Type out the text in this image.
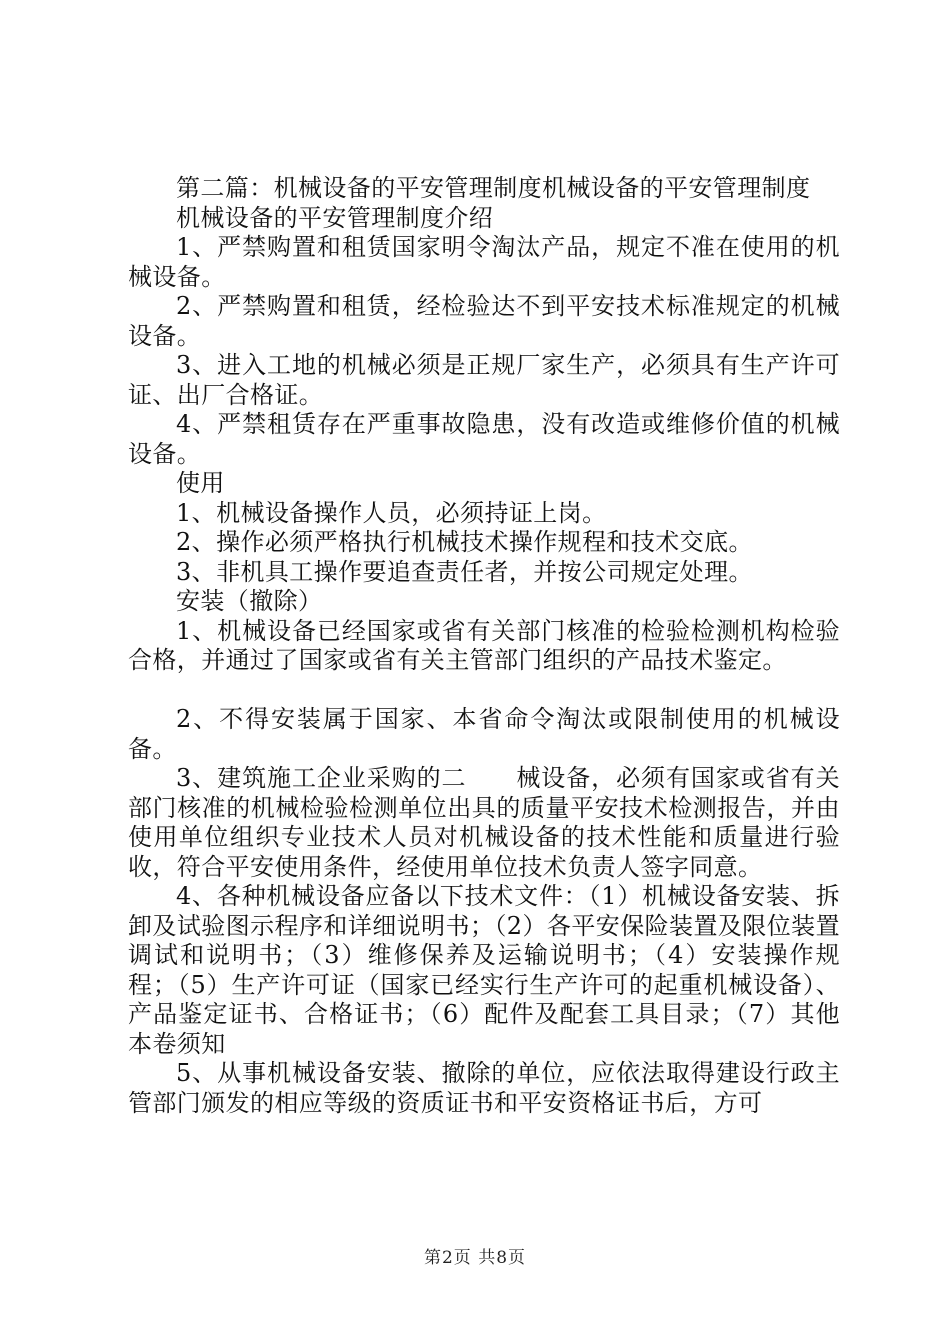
第二篇：机械设备的平安管理制度机械设备的平安管理制度

机械设备的平安管理制度介绍

1、严禁购置和租赁国家明令淘汰产品，规定不准在使用的机械设备。

2、严禁购置和租赁，经检验达不到平安技术标准规定的机械设备。

3、进入工地的机械必须是正规厂家生产，必须具有生产许可证、出厂合格证。

4、严禁租赁存在严重事故隐患，没有改造或维修价值的机械设备。

使用

1、机械设备操作人员，必须持证上岗。

2、操作必须严格执行机械技术操作规程和技术交底。

3、非机具工操作要追查责任者，并按公司规定处理。

安装（撤除）

1、机械设备已经国家或省有关部门核准的检验检测机构检验合格，并通过了国家或省有关主管部门组织的产品技术鉴定。

2、不得安装属于国家、本省命令淘汰或限制使用的机械设备。

3、建筑施工企业采购的二　　械设备，必须有国家或省有关部门核准的机械检验检测单位出具的质量平安技术检测报告，并由使用单位组织专业技术人员对机械设备的技术性能和质量进行验收，符合平安使用条件，经使用单位技术负责人签字同意。

4、各种机械设备应备以下技术文件：（1）机械设备安装、拆卸及试验图示程序和详细说明书；（2）各平安保险装置及限位装置调试和说明书；（3）维修保养及运输说明书；（4）安装操作规程；（5）生产许可证（国家已经实行生产许可的起重机械设备）、产品鉴定证书、合格证书；（6）配件及配套工具目录；（7）其他本卷须知

5、从事机械设备安装、撤除的单位，应依法取得建设行政主管部门颁发的相应等级的资质证书和平安资格证书后，方可

第2页 共8页
